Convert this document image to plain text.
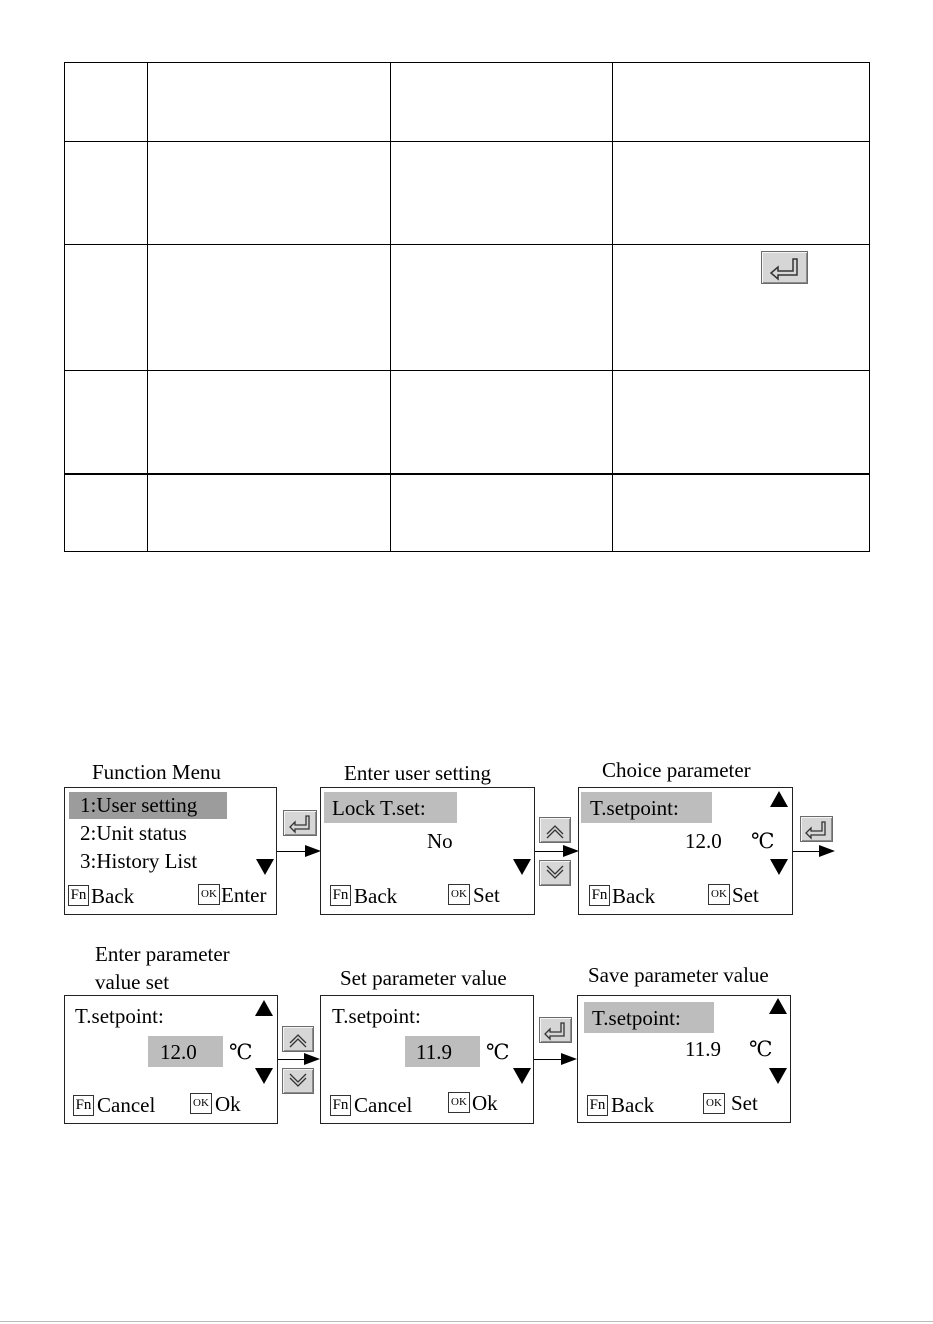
Function Menu	Enter user setting	Choice parameter
1:User setting
2:Unit status
3:History List
Fn Back	OK Enter
Lock T.set:
No
Fn Back	OK Set
T.setpoint:
12.0 ℃
Fn Back	OK Set
Enter parameter
value set	Set parameter value	Save parameter value
T.setpoint:
12.0 ℃
Fn Cancel	OK Ok
T.setpoint:
11.9 ℃
Fn Cancel	OK Ok
T.setpoint:
11.9 ℃
Fn Back	OK Set
